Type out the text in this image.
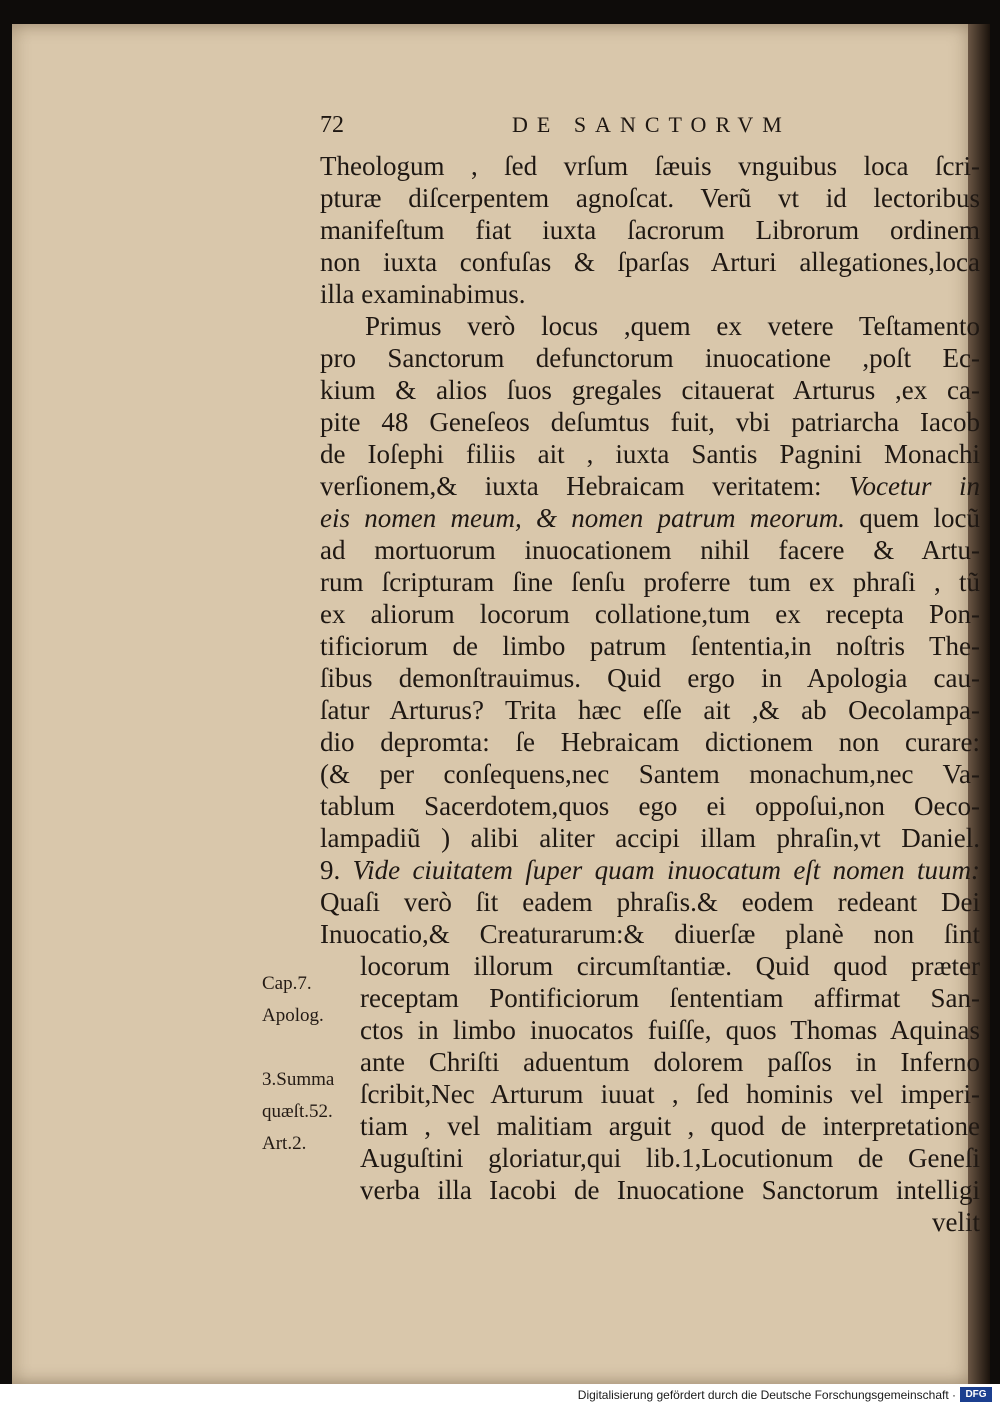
72	DE SANCTORVM
Theologum , ſed vrſum ſæuis vnguibus loca ſcri-
pturæ diſcerpentem agnoſcat. Verũ vt id lectoribus
manifeſtum fiat iuxta ſacrorum Librorum ordinem
non iuxta confuſas & ſparſas Arturi allegationes,loca
illa examinabimus.
Primus verò locus ,quem ex vetere Teſtamento
pro Sanctorum defunctorum inuocatione ,poſt Ec-
kium & alios ſuos gregales citauerat Arturus ,ex ca-
pite 48 Geneſeos deſumtus fuit, vbi patriarcha Iacob
de Ioſephi filiis ait , iuxta Santis Pagnini Monachi
verſionem,& iuxta Hebraicam veritatem: Vocetur in
eis nomen meum, & nomen patrum meorum. quem locũ
ad mortuorum inuocationem nihil facere & Artu-
rum ſcripturam ſine ſenſu proferre tum ex phraſi , tũ
ex aliorum locorum collatione,tum ex recepta Pon-
tificiorum de limbo patrum ſententia,in noſtris The-
ſibus demonſtrauimus. Quid ergo in Apologia cau-
ſatur Arturus? Trita hæc eſſe ait ,& ab Oecolampa-
dio depromta: ſe Hebraicam dictionem non curare:
(& per conſequens,nec Santem monachum,nec Va-
tablum Sacerdotem,quos ego ei oppoſui,non Oeco-
lampadiũ ) alibi aliter accipi illam phraſin,vt Daniel.
9. Vide ciuitatem ſuper quam inuocatum eſt nomen tuum:
Quaſi verò ſit eadem phraſis.& eodem redeant Dei
Inuocatio,& Creaturarum:& diuerſæ planè non ſint
locorum illorum circumſtantiæ. Quid quod præter
receptam Pontificiorum ſententiam affirmat San-
ctos in limbo inuocatos fuiſſe, quos Thomas Aquinas
ante Chriſti aduentum dolorem paſſos in Inferno
ſcribit,Nec Arturum iuuat , ſed hominis vel imperi-
tiam , vel malitiam arguit , quod de interpretatione
Auguſtini gloriatur,qui lib.1,Locutionum de Geneſi
verba illa Iacobi de Inuocatione Sanctorum intelligi
velit
Cap.7.
Apolog.
3.Summa
quæſt.52.
Art.2.
Digitalisierung gefördert durch die Deutsche Forschungsgemeinschaft · DFG
